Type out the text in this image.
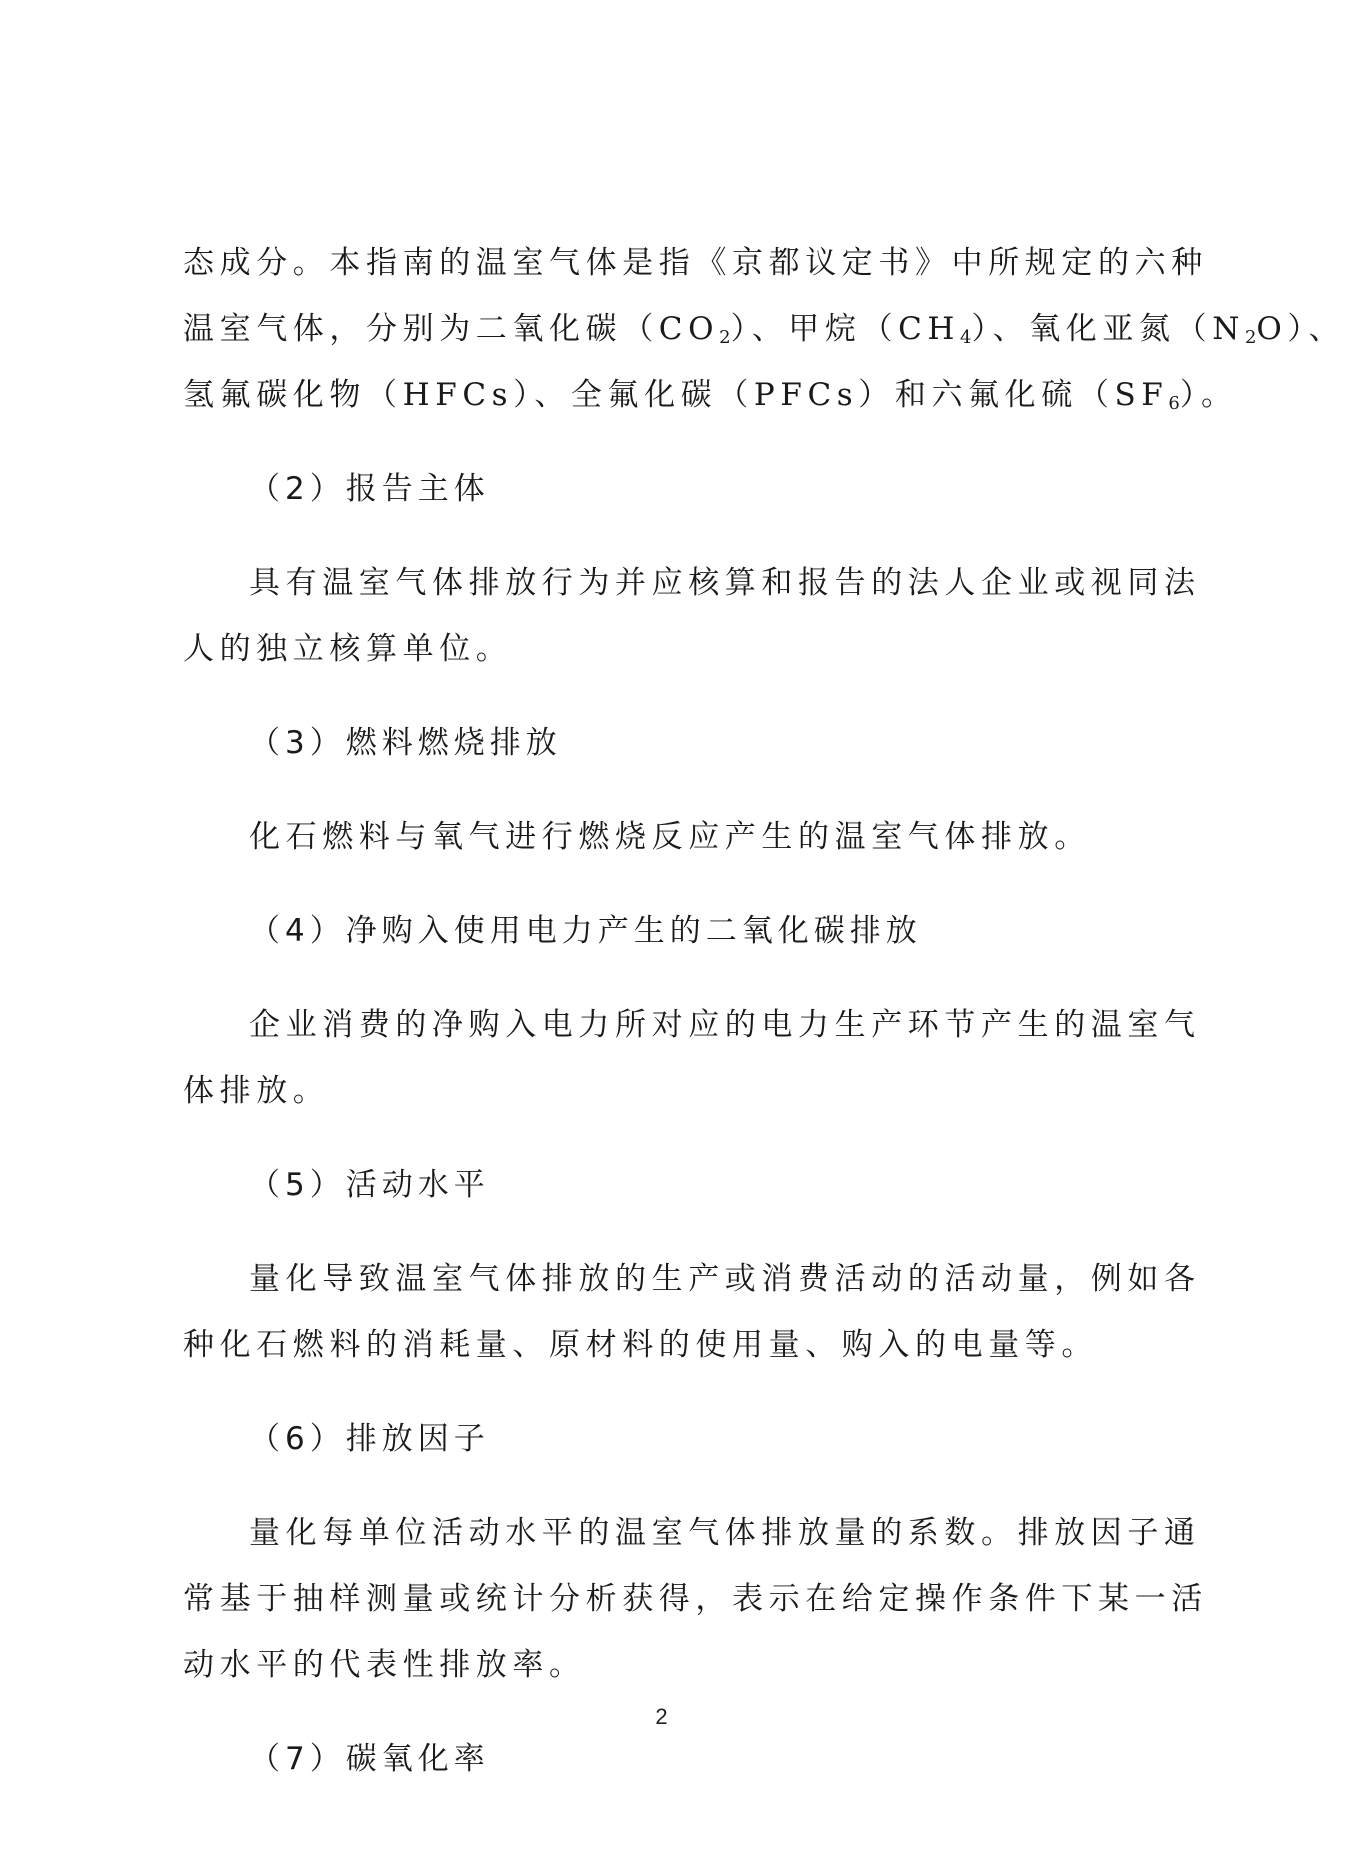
态成分。本指南的温室气体是指《京都议定书》中所规定的六种
温室气体，分别为二氧化碳$(CO_2)$、甲烷$(CH_4)$、氧化亚氮$(N_2O)$、
氢氟碳化物（HFCs）、全氟化碳（PFCs）和六氟化硫$(SF_6)$。
（2）报告主体
具有温室气体排放行为并应核算和报告的法人企业或视同法
人的独立核算单位。
（3）燃料燃烧排放
化石燃料与氧气进行燃烧反应产生的温室气体排放。
（4）净购入使用电力产生的二氧化碳排放
企业消费的净购入电力所对应的电力生产环节产生的温室气
体排放。
（5）活动水平
量化导致温室气体排放的生产或消费活动的活动量，例如各
种化石燃料的消耗量、原材料的使用量、购入的电量等。
（6）排放因子
量化每单位活动水平的温室气体排放量的系数。排放因子通
常基于抽样测量或统计分析获得，表示在给定操作条件下某一活
动水平的代表性排放率。
（7）碳氧化率
2
